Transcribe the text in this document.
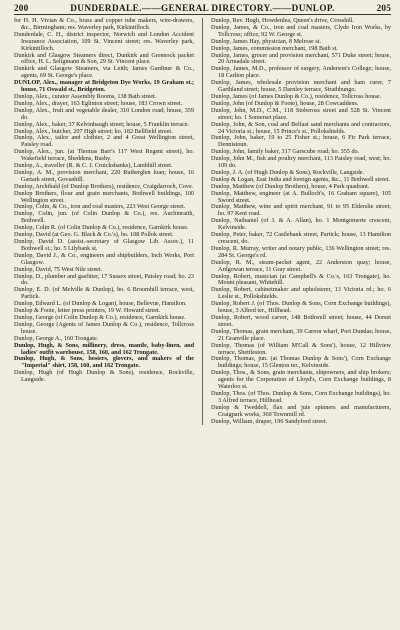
200	DUNDERDALE.——GENERAL DIRECTORY.——DUNLOP.	205

for H. H. Vivian & Co., brass and copper tube makers, wire-drawers, &c., Birmingham; res. Waverley park, Kirkintilloch.

Dunderdale, C. H., district inspector, Norwich and London Accident Insurance Association, 109 St. Vincent street; res. Waverley park, Kirkintilloch.

Dunkirk and Glasgow Steamers direct, Dunkirk and Greenock packet office, H. L. Seligmann & Son, 29 St. Vincent place.

Dunkirk and Glasgow Steamers, via Leith; James Gardiner & Co., agents, 69 St. George's place.

DUNLOP, Alex., manager at Bridgeton Dye Works, 19 Graham st.; house, 71 Oswald st., Bridgeton.

Dunlop, Alex., curator Assembly Rooms, 138 Bath street.

Dunlop, Alex., drayer, 163 Eglinton street; house, 183 Crown street.

Dunlop, Alex., fruit and vegetable dealer, 310 London road; house, 359 do.

Dunlop, Alex., baker, 37 Kelvinhaugh street; house, 5 Franklin terrace.

Dunlop, Alex., butcher, 207 High street; ho. 182 Bellfield street.

Dunlop, Alex., tailor and clothier, 2 and 4 Great Wellington street, Paisley road.

Dunlop, Alex., jun. (at Thomas Barr's 117 West Regent street), ho. Wakefield terrace, Sheddens, Busby.

Dunlop, A., traveller (R. & C. J. Cruickshanks), Lambhill street.

Dunlop, A. M., provision merchant, 220 Rutherglen loan; house, 16 Gartark street, Govanhill.

Dunlop, Archibald (of Dunlop Brothers), residence, Craigdarroch, Cove.

Dunlop Brothers, flour and grain merchants, Bothwell buildings, 100 Wellington street.

Dunlop, Colin, & Co., iron and coal masters, 223 West George street.

Dunlop, Colin, jun. (of Colin Dunlop & Co.), res. Auchinraith, Bothwell.

Dunlop, Colin R. (of Colin Dunlop & Co.), residence, Garnkirk house.

Dunlop, David (at Geo. G. Black & Co.'s), ho. 108 Pollok street.

Dunlop, David D. (assist.-secretary of Glasgow Lib. Assoc.), 11 Bothwell st.; ho. 5 Lilybank st.

Dunlop, David J., & Co., engineers and shipbuilders, Inch Works, Port Glasgow.

Dunlop, David, 75 West Nile street.

Dunlop, D., plumber and gasfitter, 17 Sussex street, Paisley road; ho. 23 do.

Dunlop, E. D. (of Melville & Dunlop), ho. 6 Broomhill terrace, west, Partick.

Dunlop, Edward L. (of Dunlop & Logan), house, Bellevue, Hamilton.

Dunlop & Foote, letter press printers, 19 W. Howard street.

Dunlop, George (of Colin Dunlop & Co.), residence, Garnkirk house.

Dunlop, George (Agents of James Dunlop & Co.), residence, Tollcross house.

Dunlop, George A., 160 Trongate.

Dunlop, Hugh, & Sons, millinery, dress, mantle, baby-linen, and ladies' outfit warehouse, 158, 160, and 162 Trongate.

Dunlop, Hugh, & Sons, hosiers, glovers, and makers of the "Imperial" shirt, 158, 160, and 162 Trongate.

Dunlop, Hugh (of Hugh Dunlop & Sons), residence, Rockville, Langside.

Dunlop, Rev. Hugh, Howdenlea, Queen's drive, Crosshill.

Dunlop, James, & Co., iron and coal masters, Clyde Iron Works, by Tollcross; office, 92 W. George st.

Dunlop, James Hay, physician, 8 Melrose st.

Dunlop, James, commission merchant, 198 Bath st.

Dunlop, James, grocer and provision merchant, 571 Duke street; house, 20 Armadale street.

Dunlop, James, M.D., professor of surgery, Anderson's College; house, 18 Carlton place.

Dunlop, James, wholesale provision merchant and ham curer, 7 Garthland street; house, 5 Darnley terrace, Strathbungo.

Dunlop, James (of James Dunlop & Co.), residence, Tollcross house.

Dunlop, John (of Dunlop & Foote), house, 28 Cowcaddens.

Dunlop, John, M.D., C.M., 118 Stobeross street and 528 St. Vincent street; ho. 1 Somerset place.

Dunlop, John, & Son, coal and Belfast sand merchants and contractors, 24 Victoria st.; house, 15 Prince's st., Pollokshields.

Dunlop, John, baker, 19 to 25 Fisher st.; house, 6 Fir Park terrace, Dennistoun.

Dunlop, John, family baker, 317 Garscube road; ho. 355 do.

Dunlop, John M., fish and poultry merchant, 113 Paisley road, west; ho. 109 do.

Dunlop, J. A. (of Hugh Dunlop & Sons), Rockville, Langside.

Dunlop & Logan, East India and foreign agents, &c., 11 Bothwell street.

Dunlop, Matthew (of Dunlop Brothers), house, 4 Park quadrant.

Dunlop, Matthew, engineer (at A. Bulloch's, 16 Graham square), 105 Sword street.

Dunlop, Matthew, wine and spirit merchant, 91 to 95 Elderslie street; ho. 97 Kent road.

Dunlop, Nathaniel (of J. & A. Allan), ho. 1 Montgomerie crescent, Kelvinside.

Dunlop, Peter, baker, 72 Castlebank street, Partick; house, 13 Hamilton crescent, do.

Dunlop, R. Murray, writer and notary public, 136 Wellington street; res. 284 St. George's rd.

Dunlop, R. M., steam-packet agent, 22 Anderston quay; house, Ardgowan terrace, 11 Gray street.

Dunlop, Robert, musician (at Campbell's & Co.'s, 163 Trongate), ho. Mount pleasant, Whitehill.

Dunlop, Robert, cabinetmaker and upholsterer, 13 Victoria rd.; ho. 6 Leslie st., Pollokshields.

Dunlop, Robert J. (of Thos. Dunlop & Sons, Corn Exchange buildings), house, 3 Alfred ter., Hillhead.

Dunlop, Robert, wood carver, 148 Bothwell street; house, 44 Dorset street.

Dunlop, Thomas, grain merchant, 39 Carron wharf, Port Dundas; house, 21 Granville place.

Dunlop, Thomas (of William M'Call & Sons'), house, 12 Hillview terrace, Shettleston.

Dunlop, Thomas, jun. (at Thomas Dunlop & Sons'), Corn Exchange buildings; house, 15 Glenton ter., Kelvinside.

Dunlop, Thos., & Sons, grain merchants, shipowners, and ship brokers; agents for the Corporation of Lloyd's, Corn Exchange buildings, 8 Waterloo st.

Dunlop, Thos. (of Thos. Dunlop & Sons, Corn Exchange buildings), ho. 3 Alfred terrace, Hillhead.

Dunlop & Tweddell, flax and jute spinners and manufacturers, Craigpark works, 360 Townmill rd.

Dunlop, William, draper, 196 Sandyford street.
